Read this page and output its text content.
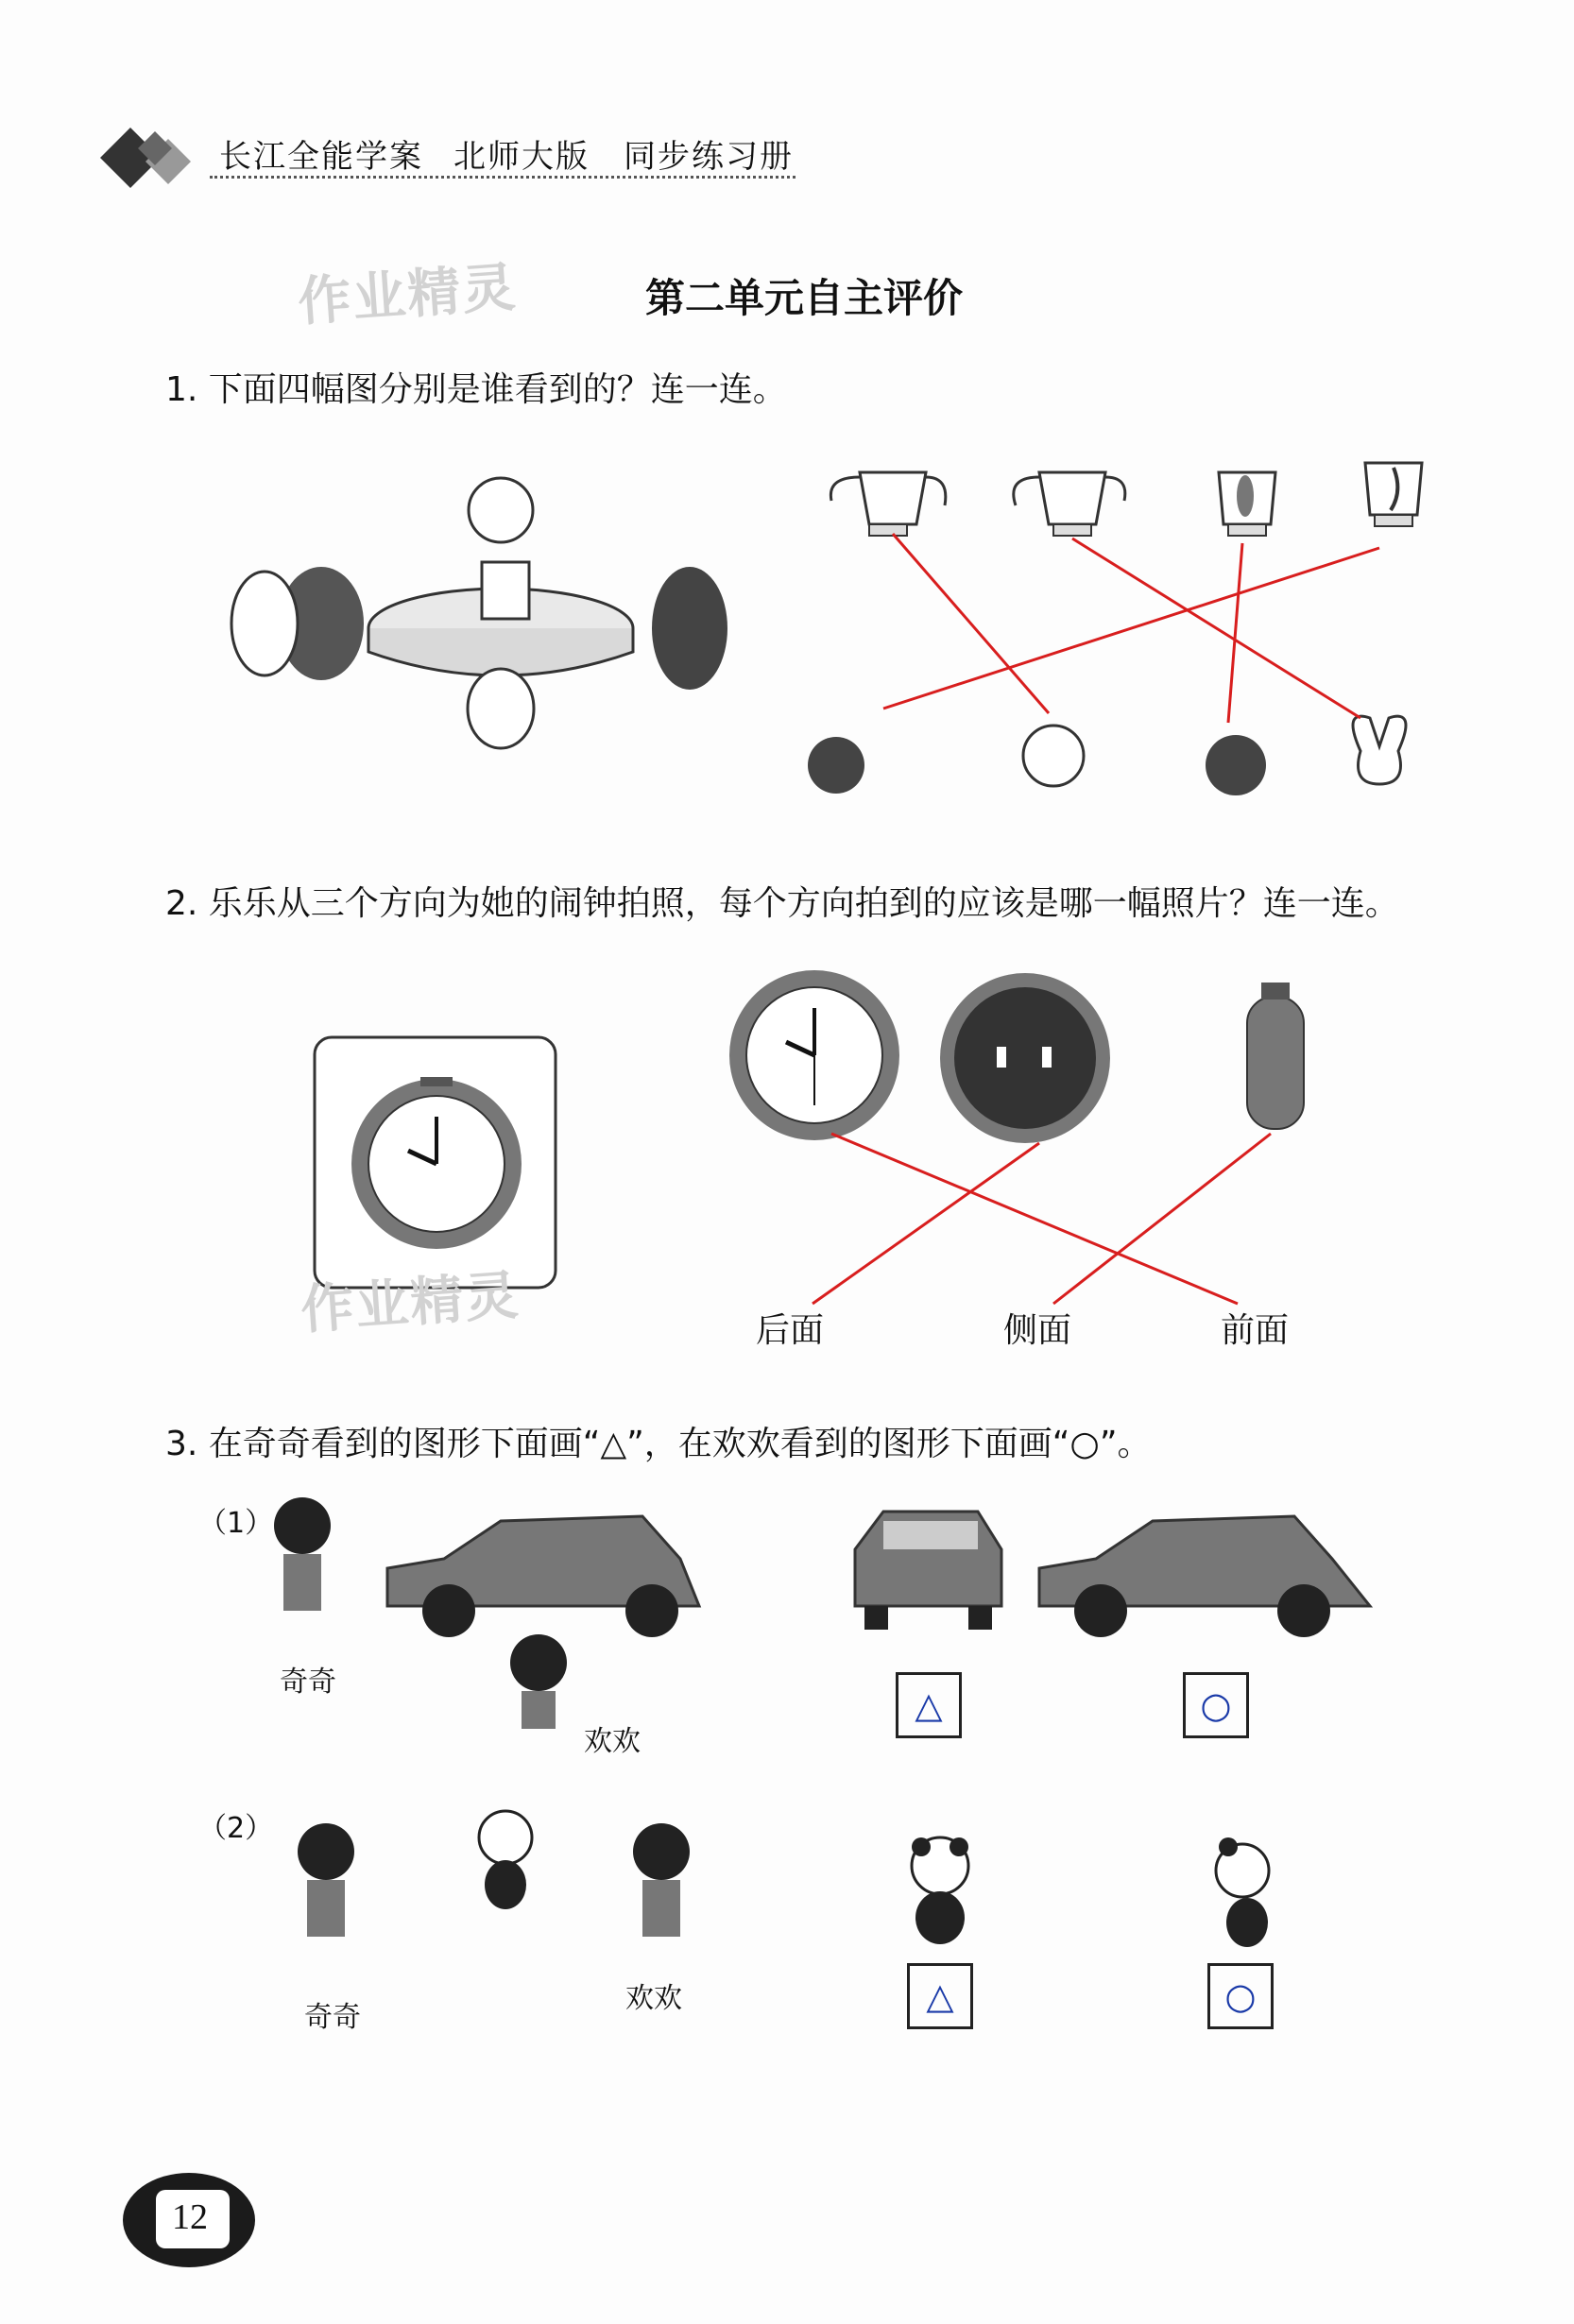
长江全能学案 北师大版 同步练习册
作业精灵	第二单元自主评价
1. 下面四幅图分别是谁看到的？连一连。
2. 乐乐从三个方向为她的闹钟拍照，每个方向拍到的应该是哪一幅照片？连一连。
作业精灵	后面	侧面	前面
3. 在奇奇看到的图形下面画“△”，在欢欢看到的图形下面画“○”。
（1）
奇奇
欢欢
△	○
（2）
奇奇
欢欢	△	○
12
